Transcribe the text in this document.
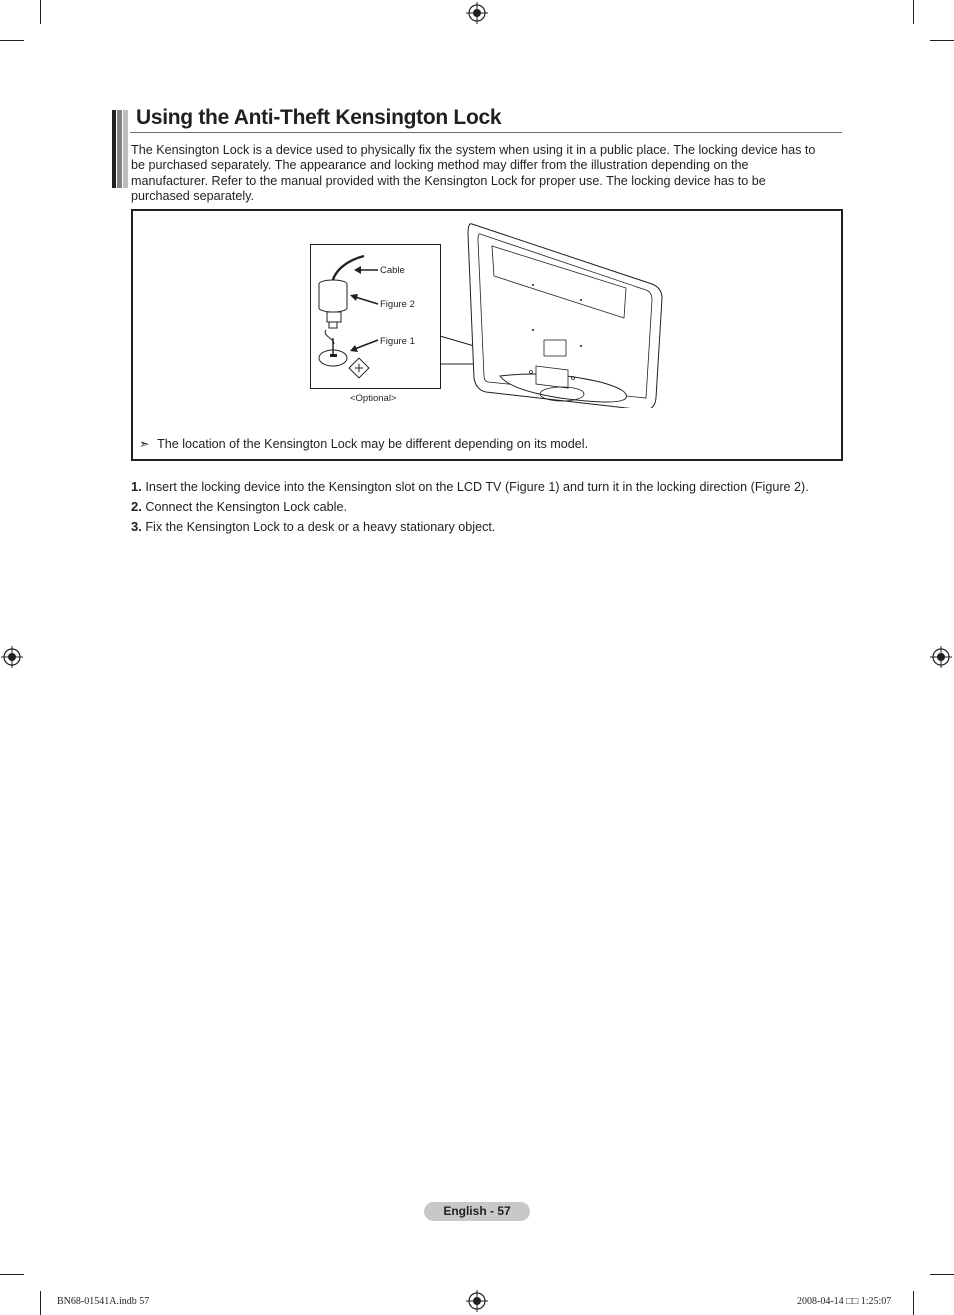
Using the Anti-Theft Kensington Lock
The Kensington Lock is a device used to physically fix the system when using it in a public place. The locking device has to be purchased separately. The appearance and locking method may differ from the illustration depending on the manufacturer. Refer to the manual provided with the Kensington Lock for proper use. The locking device has to be purchased separately.
Cable
Figure 2
Figure 1
<Optional>
➣ The location of the Kensington Lock may be different depending on its model.
1. Insert the locking device into the Kensington slot on the LCD TV (Figure 1) and turn it in the locking direction (Figure 2).
2. Connect the Kensington Lock cable.
3. Fix the Kensington Lock to a desk or a heavy stationary object.
English - 57
BN68-01541A.indb 57	2008-04-14 □□ 1:25:07
